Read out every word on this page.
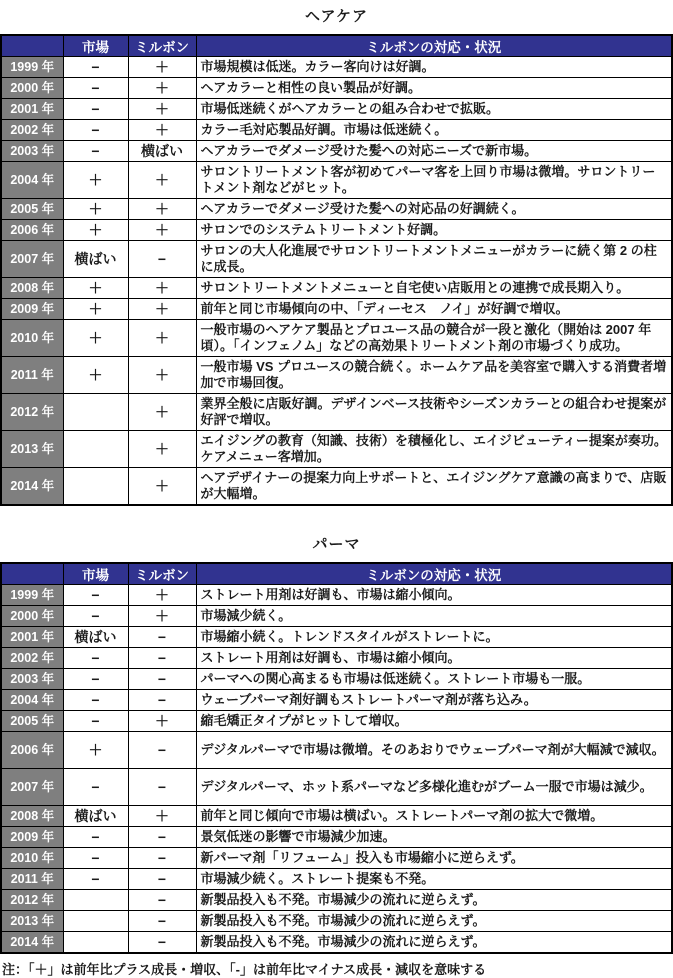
ヘアケア
	市場	ミルボン	ミルボンの対応・状況
1999 年	−	＋	市場規模は低迷。カラー客向けは好調。
2000 年	−	＋	ヘアカラーと相性の良い製品が好調。
2001 年	−	＋	市場低迷続くがヘアカラーとの組み合わせで拡販。
2002 年	−	＋	カラー毛対応製品好調。市場は低迷続く。
2003 年	−	横ばい	ヘアカラーでダメージ受けた髪への対応ニーズで新市場。
2004 年	＋	＋	サロントリートメント客が初めてパーマ客を上回り市場は微増。サロントリートメント剤などがヒット。
2005 年	＋	＋	ヘアカラーでダメージ受けた髪への対応品の好調続く。
2006 年	＋	＋	サロンでのシステムトリートメント好調。
2007 年	横ばい	−	サロンの大人化進展でサロントリートメントメニューがカラーに続く第 2 の柱に成長。
2008 年	＋	＋	サロントリートメントメニューと自宅使い店販用との連携で成長期入り。
2009 年	＋	＋	前年と同じ市場傾向の中、「ディーセス　ノイ」が好調で増収。
2010 年	＋	＋	一般市場のヘアケア製品とプロユース品の競合が一段と激化（開始は 2007 年頃）。「インフェノム」などの高効果トリートメント剤の市場づくり成功。
2011 年	＋	＋	一般市場 VS プロユースの競合続く。ホームケア品を美容室で購入する消費者増加で市場回復。
2012 年		＋	業界全般に店販好調。デザインベース技術やシーズンカラーとの組合わせ提案が好評で増収。
2013 年		＋	エイジングの教育（知識、技術）を積極化し、エイジビューティー提案が奏功。ケアメニュー客増加。
2014 年		＋	ヘアデザイナーの提案力向上サポートと、エイジングケア意識の高まりで、店販が大幅増。
パーマ
	市場	ミルボン	ミルボンの対応・状況
1999 年	−	＋	ストレート用剤は好調も、市場は縮小傾向。
2000 年	−	＋	市場減少続く。
2001 年	横ばい	−	市場縮小続く。トレンドスタイルがストレートに。
2002 年	−	−	ストレート用剤は好調も、市場は縮小傾向。
2003 年	−	−	パーマへの関心高まるも市場は低迷続く。ストレート市場も一服。
2004 年	−	−	ウェーブパーマ剤好調もストレートパーマ剤が落ち込み。
2005 年	−	＋	縮毛矯正タイプがヒットして増収。
2006 年	＋	−	デジタルパーマで市場は微増。そのあおりでウェーブパーマ剤が大幅減で減収。
2007 年	−	−	デジタルパーマ、ホット系パーマなど多様化進むがブーム一服で市場は減少。
2008 年	横ばい	＋	前年と同じ傾向で市場は横ばい。ストレートパーマ剤の拡大で微増。
2009 年	−	−	景気低迷の影響で市場減少加速。
2010 年	−	−	新パーマ剤「リフューム」投入も市場縮小に逆らえず。
2011 年	−	−	市場減少続く。ストレート提案も不発。
2012 年		−	新製品投入も不発。市場減少の流れに逆らえず。
2013 年		−	新製品投入も不発。市場減少の流れに逆らえず。
2014 年		−	新製品投入も不発。市場減少の流れに逆らえず。
注：「＋」は前年比プラス成長・増収、「-」は前年比マイナス成長・減収を意味する
